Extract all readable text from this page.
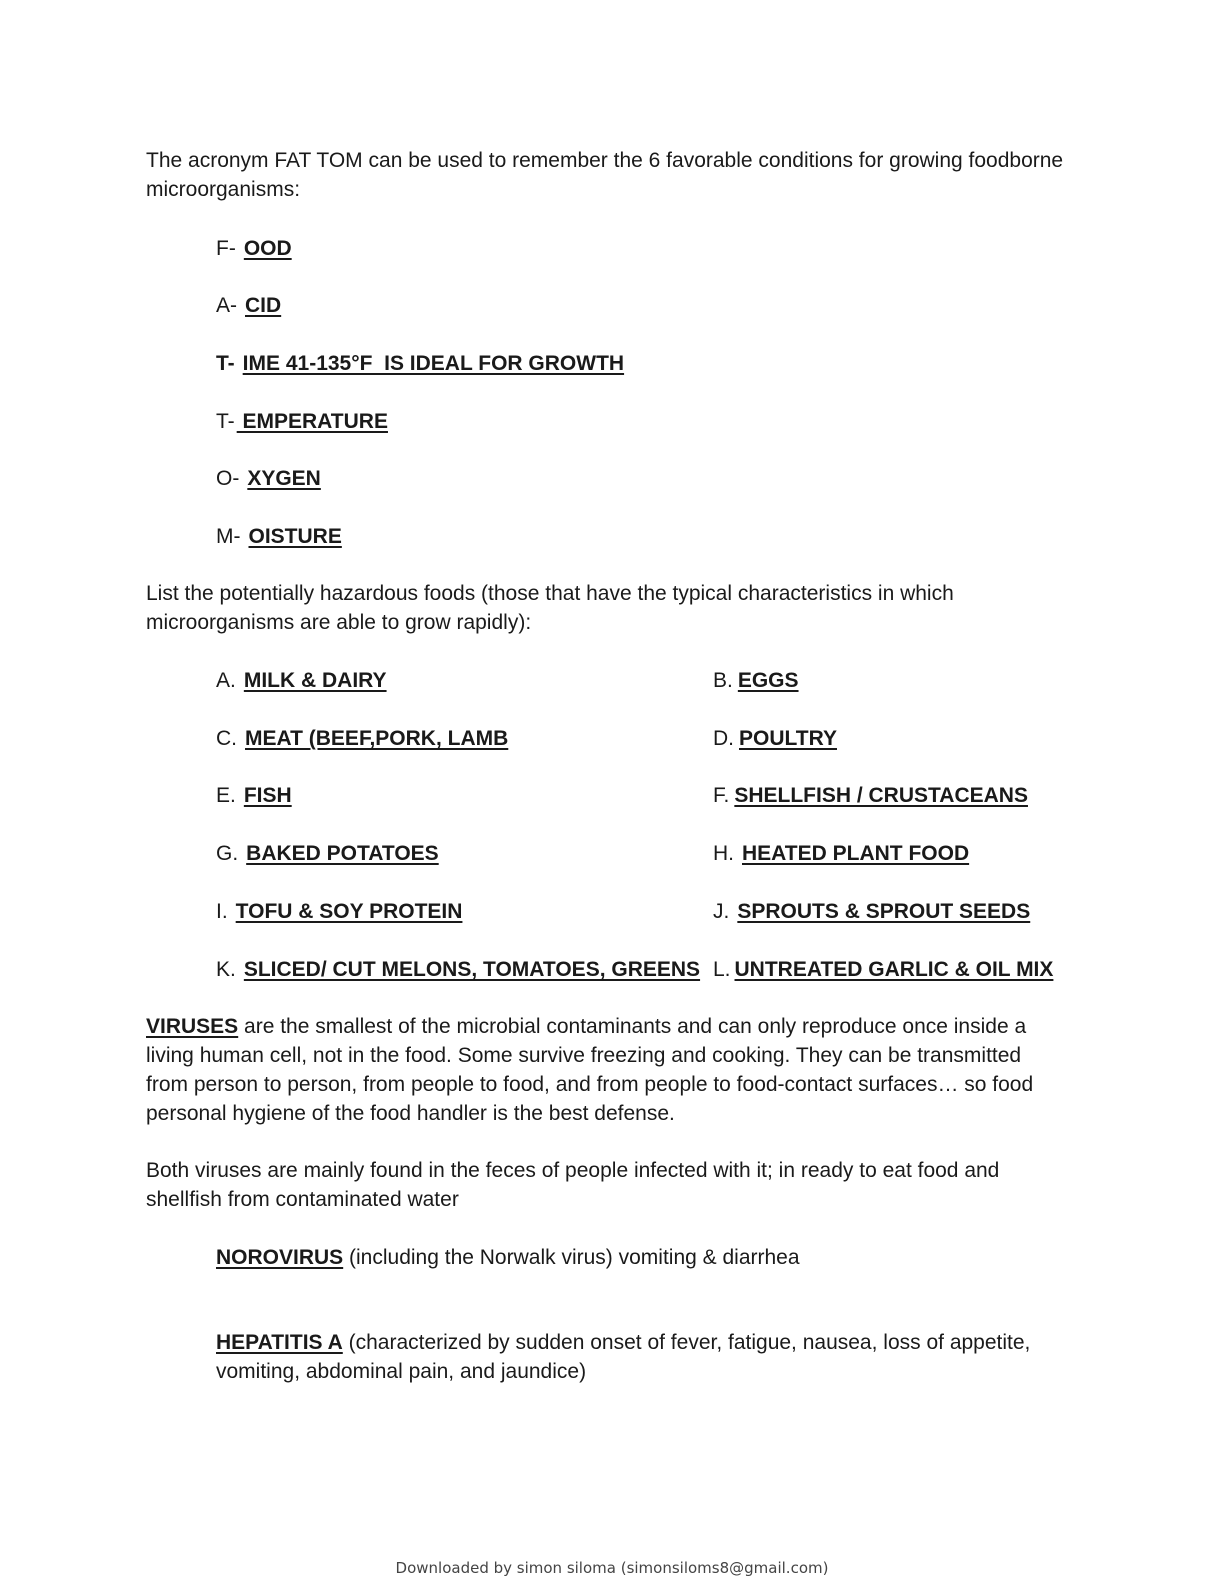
The acronym FAT TOM can be used to remember the 6 favorable conditions for growing foodborne microorganisms:

F- OOD
A- CID
T- IME 41-135°F  IS IDEAL FOR GROWTH
T- EMPERATURE
O- XYGEN
M- OISTURE

List the potentially hazardous foods (those that have the typical characteristics in which microorganisms are able to grow rapidly):

A. MILK & DAIRY	B. EGGS
C. MEAT (BEEF,PORK, LAMB	D. POULTRY
E. FISH	F. SHELLFISH / CRUSTACEANS
G. BAKED POTATOES	H. HEATED PLANT FOOD
I. TOFU & SOY PROTEIN	J. SPROUTS & SPROUT SEEDS
K. SLICED/ CUT MELONS, TOMATOES, GREENS L. UNTREATED GARLIC & OIL MIX

VIRUSES are the smallest of the microbial contaminants and can only reproduce once inside a living human cell, not in the food. Some survive freezing and cooking. They can be transmitted from person to person, from people to food, and from people to food-contact surfaces… so food personal hygiene of the food handler is the best defense.

Both viruses are mainly found in the feces of people infected with it; in ready to eat food and shellfish from contaminated water

NOROVIRUS (including the Norwalk virus) vomiting & diarrhea

HEPATITIS A (characterized by sudden onset of fever, fatigue, nausea, loss of appetite, vomiting, abdominal pain, and jaundice)

Downloaded by simon siloma (simonsiloms8@gmail.com)
